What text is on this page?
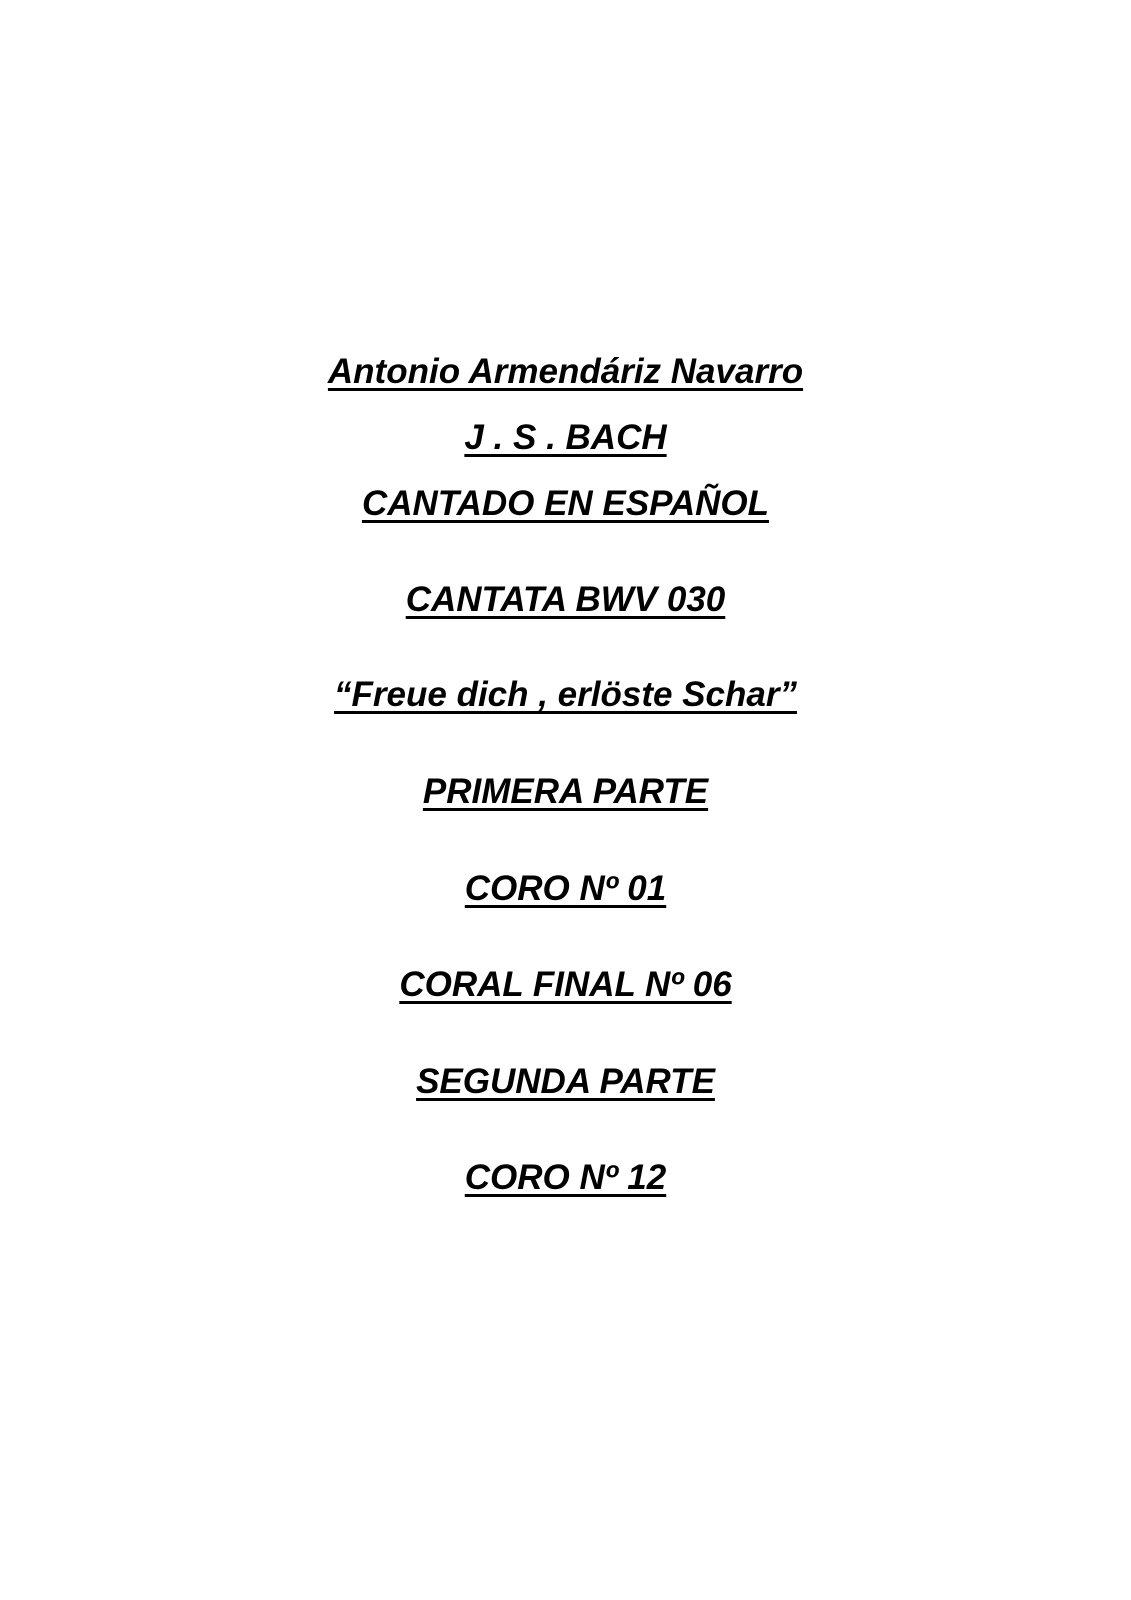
Antonio Armendáriz Navarro
J . S . BACH
CANTADO EN ESPAÑOL
CANTATA BWV 030
“Freue dich , erlöste Schar”
PRIMERA PARTE
CORO Nº 01
CORAL FINAL Nº 06
SEGUNDA PARTE
CORO Nº 12
